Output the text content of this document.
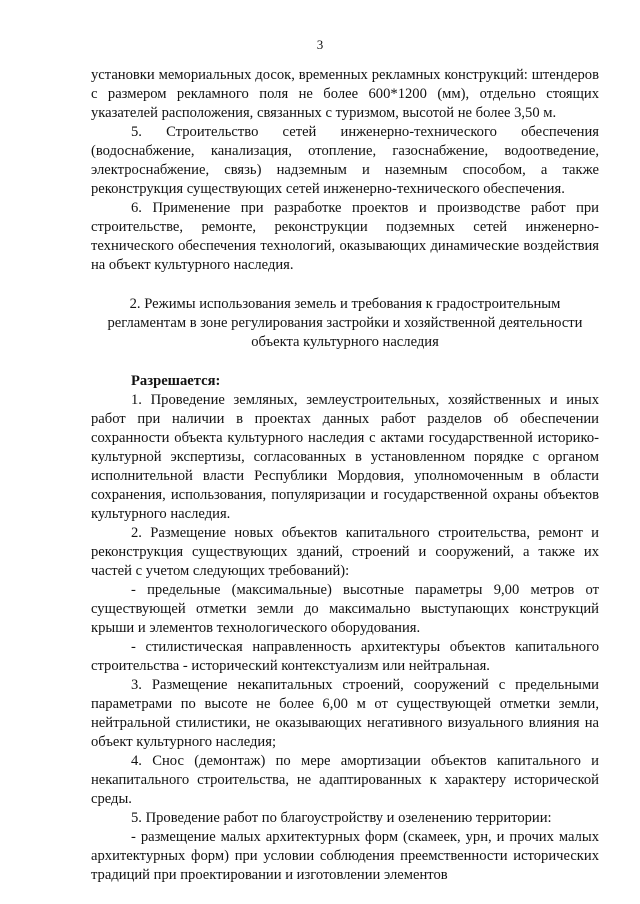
3

установки мемориальных досок, временных рекламных конструкций: штендеров с размером рекламного поля не более 600*1200 (мм), отдельно стоящих указателей расположения, связанных с туризмом, высотой не более 3,50 м.

5. Строительство сетей инженерно-технического обеспечения (водоснабжение, канализация, отопление, газоснабжение, водоотведение, электроснабжение, связь) надземным и наземным способом, а также реконструкция существующих сетей инженерно-технического обеспечения.

6. Применение при разработке проектов и производстве работ при строительстве, ремонте, реконструкции подземных сетей инженерно-технического обеспечения технологий, оказывающих динамические воздействия на объект культурного наследия.

2. Режимы использования земель и требования к градостроительным регламентам в зоне регулирования застройки и хозяйственной деятельности объекта культурного наследия

Разрешается:

1. Проведение земляных, землеустроительных, хозяйственных и иных работ при наличии в проектах данных работ разделов об обеспечении сохранности объекта культурного наследия с актами государственной историко-культурной экспертизы, согласованных в установленном порядке с органом исполнительной власти Республики Мордовия, уполномоченным в области сохранения, использования, популяризации и государственной охраны объектов культурного наследия.

2. Размещение новых объектов капитального строительства, ремонт и реконструкция существующих зданий, строений и сооружений, а также их частей с учетом следующих требований):

- предельные (максимальные) высотные параметры 9,00 метров от существующей отметки земли до максимально выступающих конструкций крыши и элементов технологического оборудования.

- стилистическая направленность архитектуры объектов капитального строительства - исторический контекстуализм или нейтральная.

3. Размещение некапитальных строений, сооружений с предельными параметрами по высоте не более 6,00 м от существующей отметки земли, нейтральной стилистики, не оказывающих негативного визуального влияния на объект культурного наследия;

4. Снос (демонтаж) по мере амортизации объектов капитального и некапитального строительства, не адаптированных к характеру исторической среды.

5. Проведение работ по благоустройству и озеленению территории:

- размещение малых архитектурных форм (скамеек, урн, и прочих малых архитектурных форм) при условии соблюдения преемственности исторических традиций при проектировании и изготовлении элементов
